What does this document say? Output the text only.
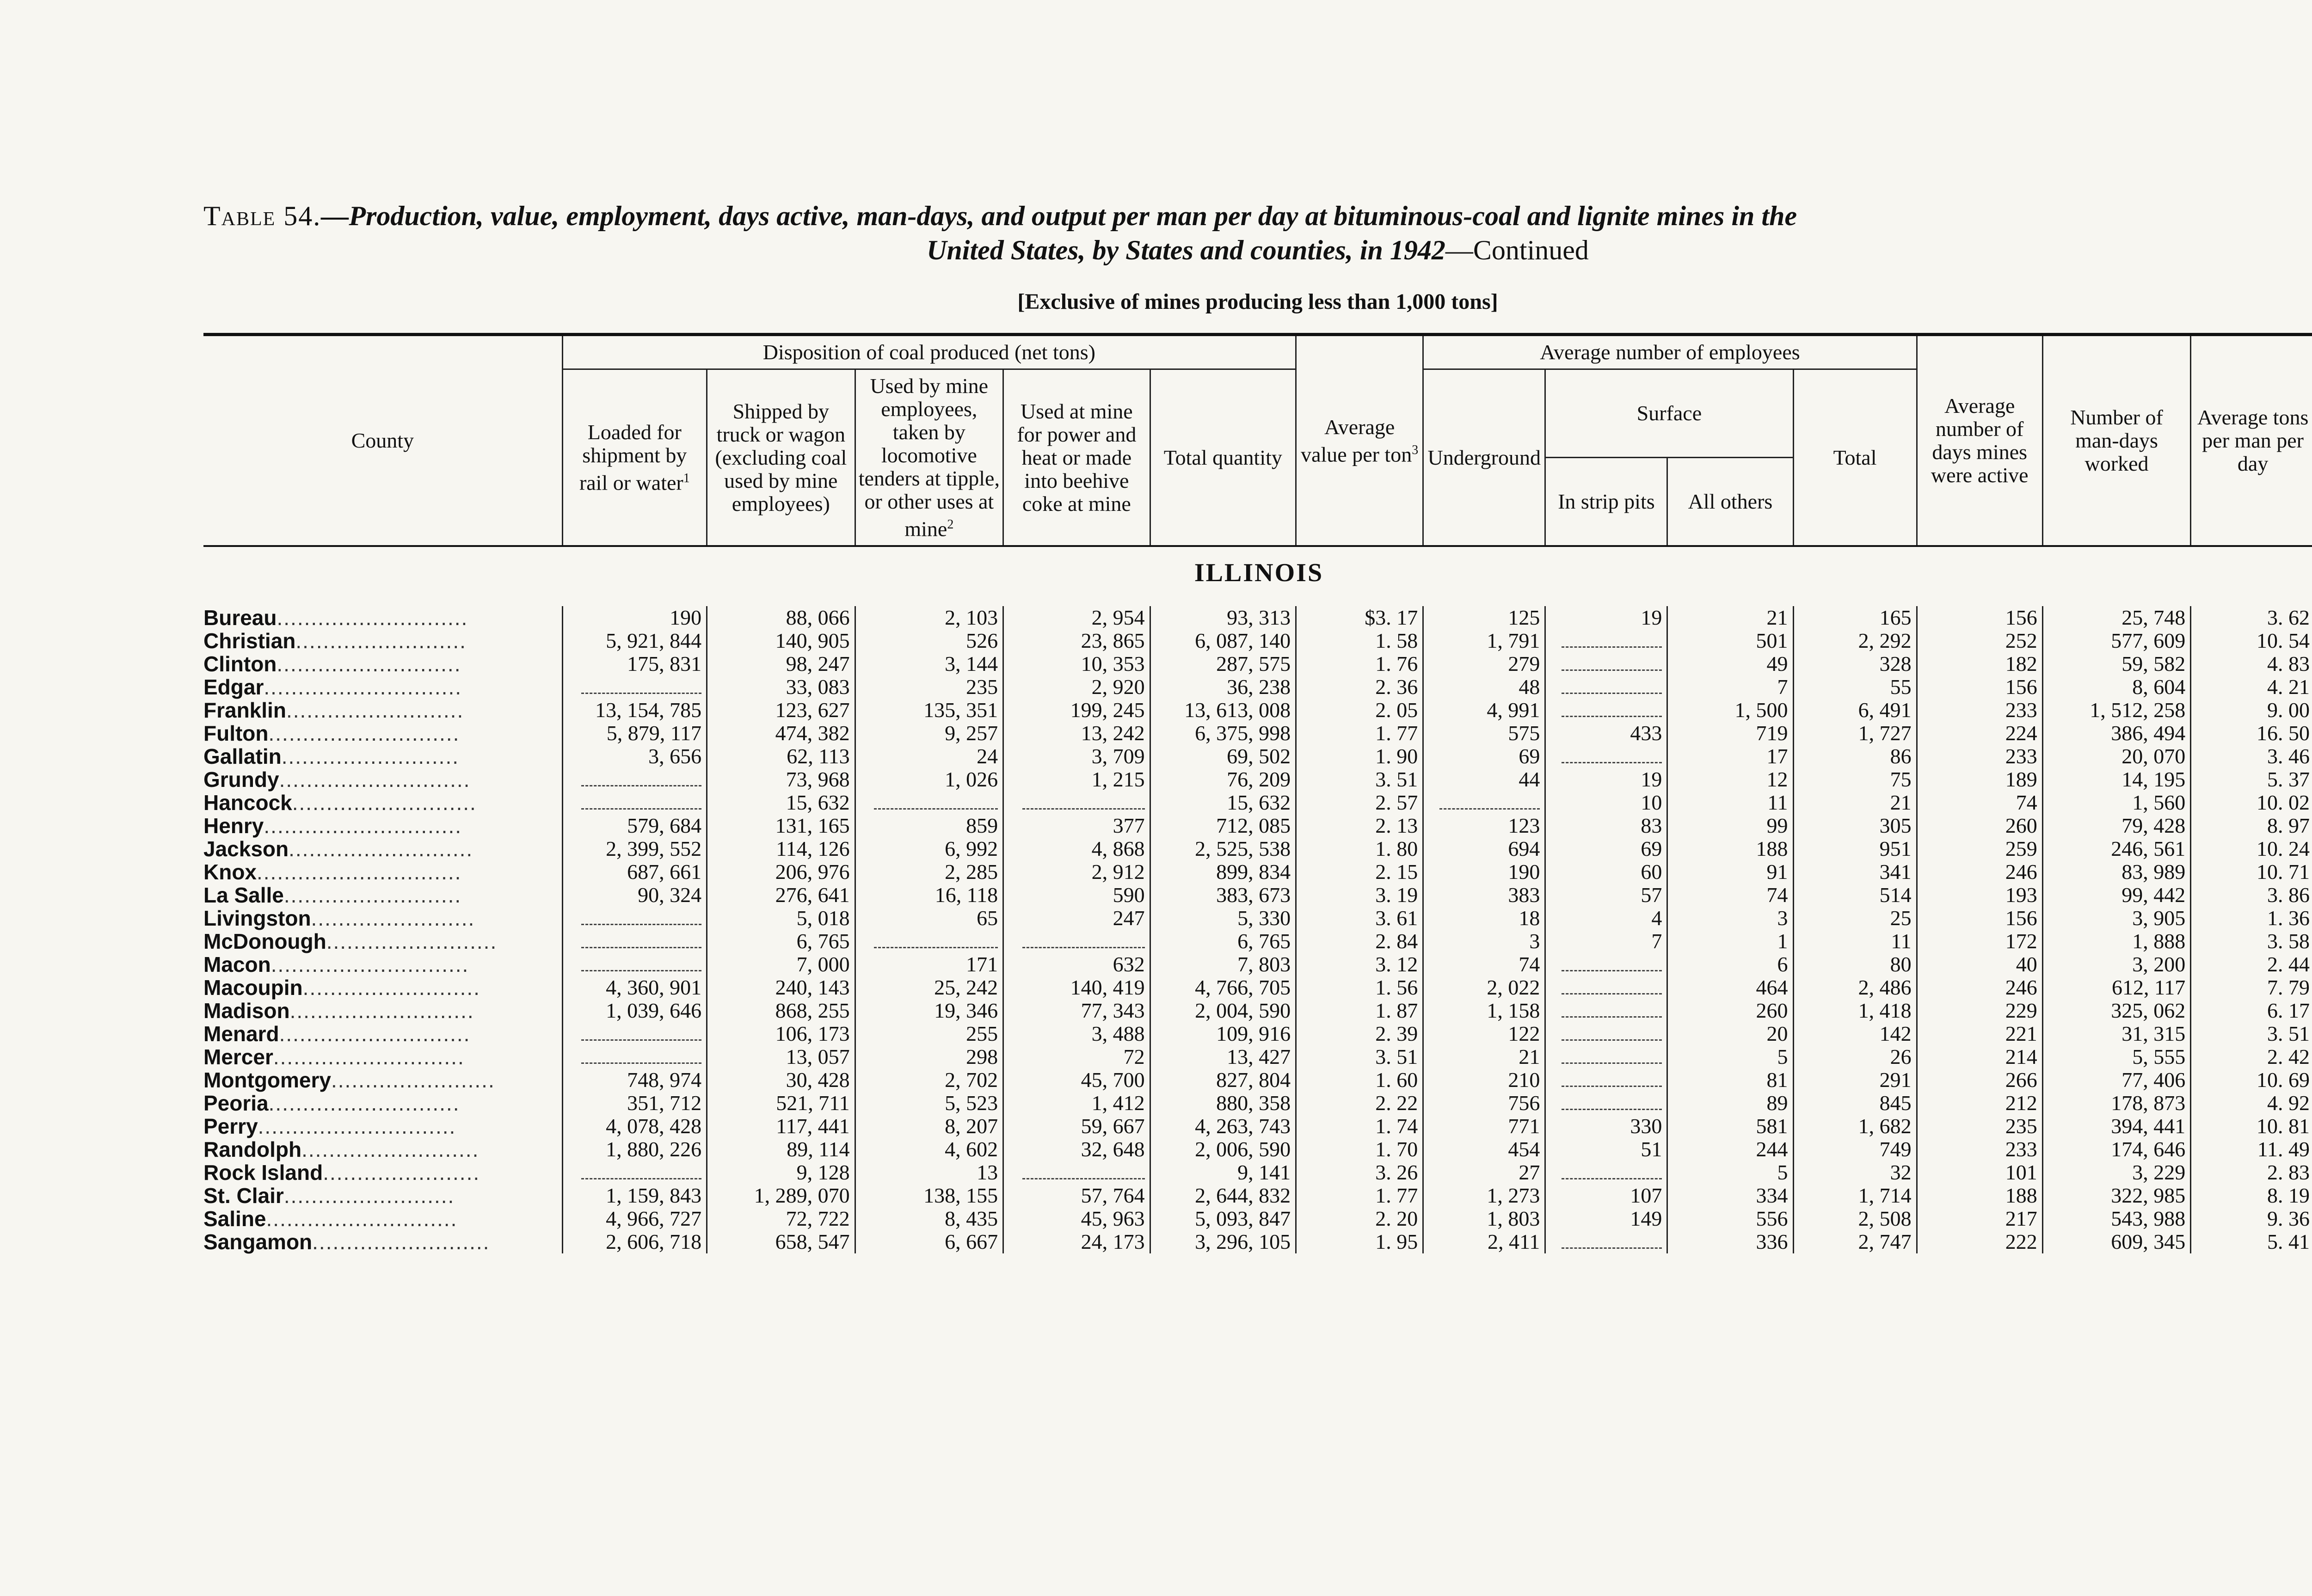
Table 54.—Production, value, employment, days active, man-days, and output per man per day at bituminous-coal and lignite mines in the
United States, by States and counties, in 1942—Continued
[Exclusive of mines producing less than 1,000 tons]
County	Disposition of coal produced (net tons)					Average value per ton$^3$	Average number of employees				Average number of days mines were active	Number of man-days worked	Average tons per man per day
	Loaded for shipment by rail or water$^1$	Shipped by truck or wagon (excluding coal used by mine employees)	Used by mine employees, taken by locomotive tenders at tipple, or other uses at mine$^2$	Used at mine for power and heat or made into beehive coke at mine	Total quantity		Underground	Surface		Total			
								In strip pits	All others				
ILLINOIS													
Bureau............................	190	88, 066	2, 103	2, 954	93, 313	$3. 17	125	19	21	165	156	25, 748	3. 62
Christian.........................	5, 921, 844	140, 905	526	23, 865	6, 087, 140	1. 58	1, 791		501	2, 292	252	577, 609	10. 54
Clinton...........................	175, 831	98, 247	3, 144	10, 353	287, 575	1. 76	279		49	328	182	59, 582	4. 83
Edgar.............................		33, 083	235	2, 920	36, 238	2. 36	48		7	55	156	8, 604	4. 21
Franklin..........................	13, 154, 785	123, 627	135, 351	199, 245	13, 613, 008	2. 05	4, 991		1, 500	6, 491	233	1, 512, 258	9. 00
Fulton............................	5, 879, 117	474, 382	9, 257	13, 242	6, 375, 998	1. 77	575	433	719	1, 727	224	386, 494	16. 50
Gallatin..........................	3, 656	62, 113	24	3, 709	69, 502	1. 90	69		17	86	233	20, 070	3. 46
Grundy............................		73, 968	1, 026	1, 215	76, 209	3. 51	44	19	12	75	189	14, 195	5. 37
Hancock...........................		15, 632			15, 632	2. 57		10	11	21	74	1, 560	10. 02
Henry.............................	579, 684	131, 165	859	377	712, 085	2. 13	123	83	99	305	260	79, 428	8. 97
Jackson...........................	2, 399, 552	114, 126	6, 992	4, 868	2, 525, 538	1. 80	694	69	188	951	259	246, 561	10. 24
Knox..............................	687, 661	206, 976	2, 285	2, 912	899, 834	2. 15	190	60	91	341	246	83, 989	10. 71
La Salle..........................	90, 324	276, 641	16, 118	590	383, 673	3. 19	383	57	74	514	193	99, 442	3. 86
Livingston........................		5, 018	65	247	5, 330	3. 61	18	4	3	25	156	3, 905	1. 36
McDonough.........................		6, 765			6, 765	2. 84	3	7	1	11	172	1, 888	3. 58
Macon.............................		7, 000	171	632	7, 803	3. 12	74		6	80	40	3, 200	2. 44
Macoupin..........................	4, 360, 901	240, 143	25, 242	140, 419	4, 766, 705	1. 56	2, 022		464	2, 486	246	612, 117	7. 79
Madison...........................	1, 039, 646	868, 255	19, 346	77, 343	2, 004, 590	1. 87	1, 158		260	1, 418	229	325, 062	6. 17
Menard............................		106, 173	255	3, 488	109, 916	2. 39	122		20	142	221	31, 315	3. 51
Mercer............................		13, 057	298	72	13, 427	3. 51	21		5	26	214	5, 555	2. 42
Montgomery........................	748, 974	30, 428	2, 702	45, 700	827, 804	1. 60	210		81	291	266	77, 406	10. 69
Peoria............................	351, 712	521, 711	5, 523	1, 412	880, 358	2. 22	756		89	845	212	178, 873	4. 92
Perry.............................	4, 078, 428	117, 441	8, 207	59, 667	4, 263, 743	1. 74	771	330	581	1, 682	235	394, 441	10. 81
Randolph..........................	1, 880, 226	89, 114	4, 602	32, 648	2, 006, 590	1. 70	454	51	244	749	233	174, 646	11. 49
Rock Island.......................		9, 128	13		9, 141	3. 26	27		5	32	101	3, 229	2. 83
St. Clair.........................	1, 159, 843	1, 289, 070	138, 155	57, 764	2, 644, 832	1. 77	1, 273	107	334	1, 714	188	322, 985	8. 19
Saline............................	4, 966, 727	72, 722	8, 435	45, 963	5, 093, 847	2. 20	1, 803	149	556	2, 508	217	543, 988	9. 36
Sangamon..........................	2, 606, 718	658, 547	6, 667	24, 173	3, 296, 105	1. 95	2, 411		336	2, 747	222	609, 345	5. 41
